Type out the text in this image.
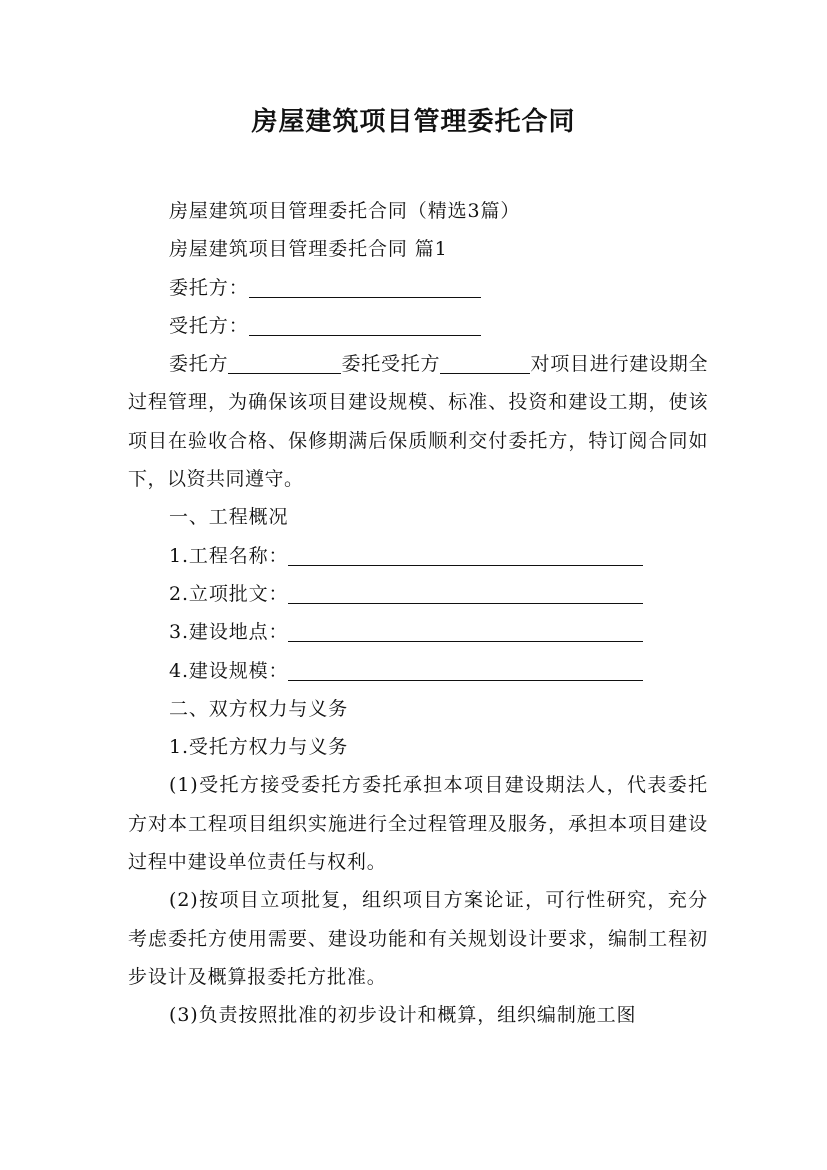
房屋建筑项目管理委托合同

房屋建筑项目管理委托合同（精选3篇）

房屋建筑项目管理委托合同 篇1

委托方：

受托方：

委托方	委托受托方	对项目进行建设期全过程管理，为确保该项目建设规模、标准、投资和建设工期，使该项目在验收合格、保修期满后保质顺利交付委托方，特订阅合同如下，以资共同遵守。

一、工程概况

1.工程名称：

2.立项批文：

3.建设地点：

4.建设规模：

二、双方权力与义务

1.受托方权力与义务

(1)受托方接受委托方委托承担本项目建设期法人，代表委托方对本工程项目组织实施进行全过程管理及服务，承担本项目建设过程中建设单位责任与权利。

(2)按项目立项批复，组织项目方案论证，可行性研究，充分考虑委托方使用需要、建设功能和有关规划设计要求，编制工程初步设计及概算报委托方批准。

(3)负责按照批准的初步设计和概算，组织编制施工图
